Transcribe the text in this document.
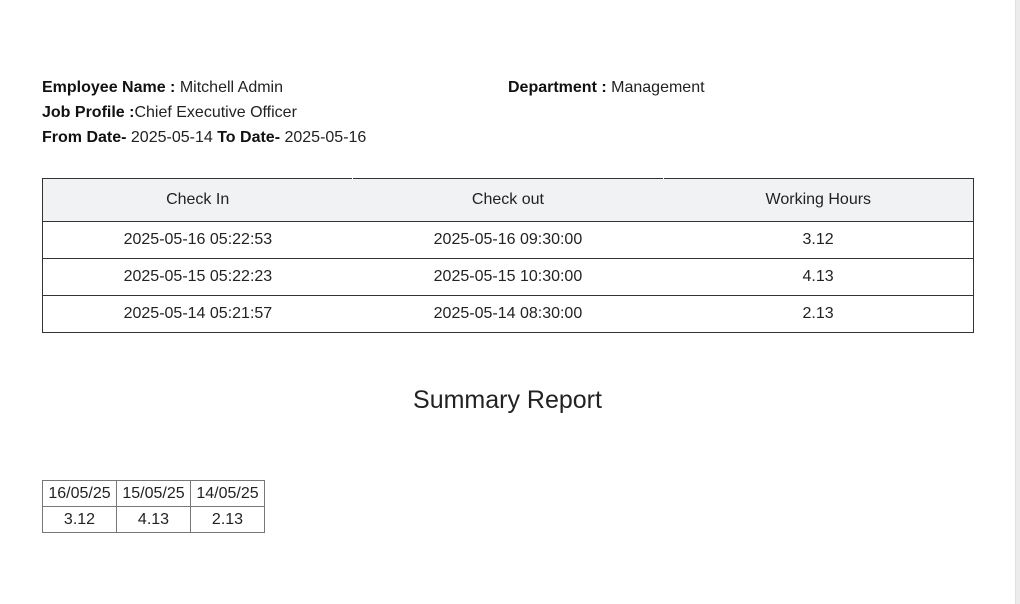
Employee Name : Mitchell Admin
Job Profile :Chief Executive Officer
From Date- 2025-05-14 To Date- 2025-05-16
Department : Management
Check In	Check out	Working Hours
2025-05-16 05:22:53	2025-05-16 09:30:00	3.12
2025-05-15 05:22:23	2025-05-15 10:30:00	4.13
2025-05-14 05:21:57	2025-05-14 08:30:00	2.13
Summary Report
16/05/25	15/05/25	14/05/25
3.12	4.13	2.13
